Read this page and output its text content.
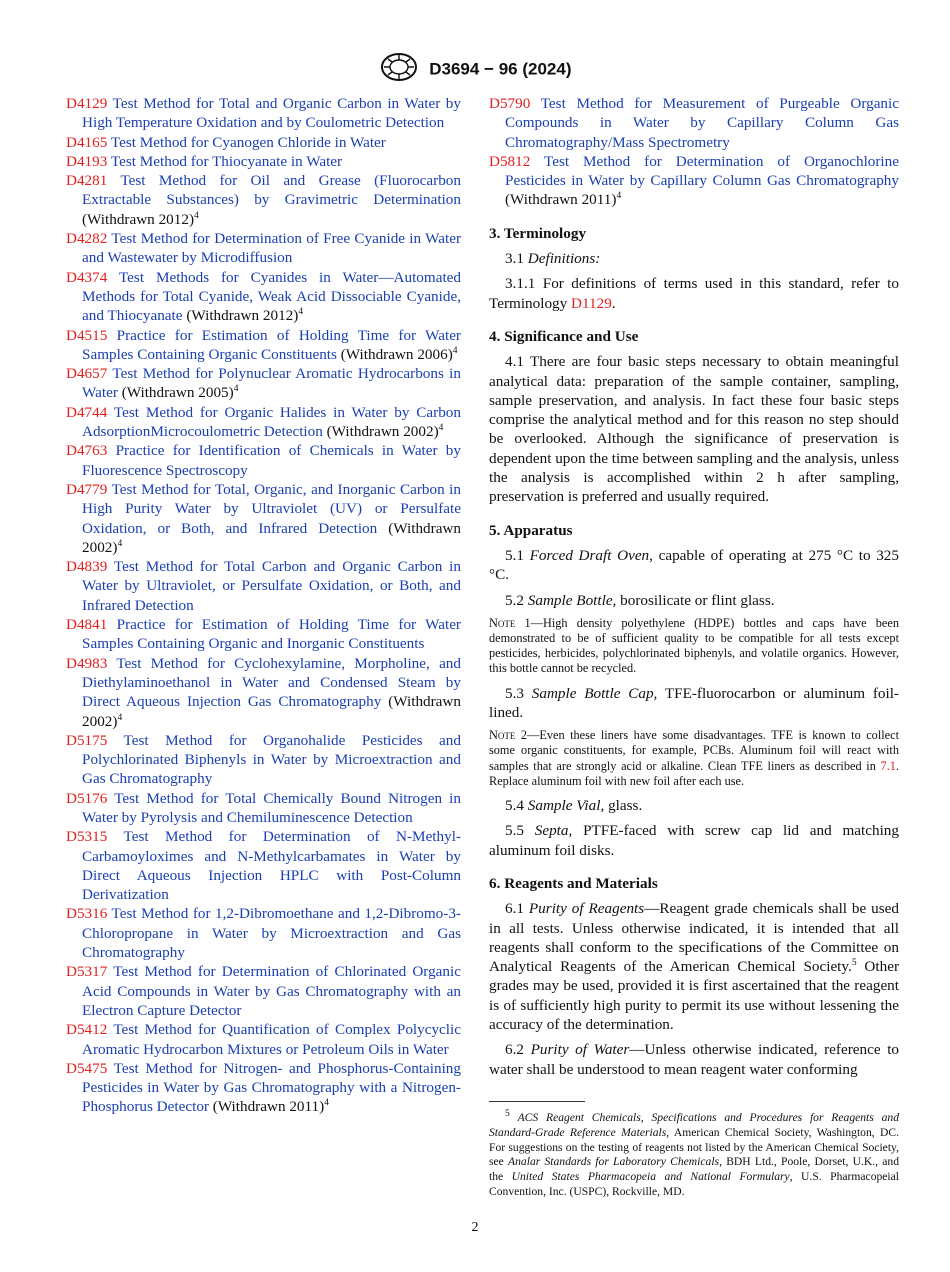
D3694 − 96 (2024)

D4129 Test Method for Total and Organic Carbon in Water by High Temperature Oxidation and by Coulometric Detection

D4165 Test Method for Cyanogen Chloride in Water

D4193 Test Method for Thiocyanate in Water

D4281 Test Method for Oil and Grease (Fluorocarbon Extractable Substances) by Gravimetric Determination (Withdrawn 2012)$^4$

D4282 Test Method for Determination of Free Cyanide in Water and Wastewater by Microdiffusion

D4374 Test Methods for Cyanides in Water—Automated Methods for Total Cyanide, Weak Acid Dissociable Cyanide, and Thiocyanate (Withdrawn 2012)$^4$

D4515 Practice for Estimation of Holding Time for Water Samples Containing Organic Constituents (Withdrawn 2006)$^4$

D4657 Test Method for Polynuclear Aromatic Hydrocarbons in Water (Withdrawn 2005)$^4$

D4744 Test Method for Organic Halides in Water by Carbon AdsorptionMicrocoulometric Detection (Withdrawn 2002)$^4$

D4763 Practice for Identification of Chemicals in Water by Fluorescence Spectroscopy

D4779 Test Method for Total, Organic, and Inorganic Carbon in High Purity Water by Ultraviolet (UV) or Persulfate Oxidation, or Both, and Infrared Detection (Withdrawn 2002)$^4$

D4839 Test Method for Total Carbon and Organic Carbon in Water by Ultraviolet, or Persulfate Oxidation, or Both, and Infrared Detection

D4841 Practice for Estimation of Holding Time for Water Samples Containing Organic and Inorganic Constituents

D4983 Test Method for Cyclohexylamine, Morpholine, and Diethylaminoethanol in Water and Condensed Steam by Direct Aqueous Injection Gas Chromatography (Withdrawn 2002)$^4$

D5175 Test Method for Organohalide Pesticides and Polychlorinated Biphenyls in Water by Microextraction and Gas Chromatography

D5176 Test Method for Total Chemically Bound Nitrogen in Water by Pyrolysis and Chemiluminescence Detection

D5315 Test Method for Determination of N-Methyl-Carbamoyloximes and N-Methylcarbamates in Water by Direct Aqueous Injection HPLC with Post-Column Derivatization

D5316 Test Method for 1,2-Dibromoethane and 1,2-Dibromo-3-Chloropropane in Water by Microextraction and Gas Chromatography

D5317 Test Method for Determination of Chlorinated Organic Acid Compounds in Water by Gas Chromatography with an Electron Capture Detector

D5412 Test Method for Quantification of Complex Polycyclic Aromatic Hydrocarbon Mixtures or Petroleum Oils in Water

D5475 Test Method for Nitrogen- and Phosphorus-Containing Pesticides in Water by Gas Chromatography with a Nitrogen-Phosphorus Detector (Withdrawn 2011)$^4$

D5790 Test Method for Measurement of Purgeable Organic Compounds in Water by Capillary Column Gas Chromatography/Mass Spectrometry

D5812 Test Method for Determination of Organochlorine Pesticides in Water by Capillary Column Gas Chromatography (Withdrawn 2011)$^4$

3. Terminology

3.1 Definitions:

3.1.1 For definitions of terms used in this standard, refer to Terminology D1129.

4. Significance and Use

4.1 There are four basic steps necessary to obtain meaningful analytical data: preparation of the sample container, sampling, sample preservation, and analysis. In fact these four basic steps comprise the analytical method and for this reason no step should be overlooked. Although the significance of preservation is dependent upon the time between sampling and the analysis, unless the analysis is accomplished within 2 h after sampling, preservation is preferred and usually required.

5. Apparatus

5.1 Forced Draft Oven, capable of operating at 275 °C to 325 °C.

5.2 Sample Bottle, borosilicate or flint glass.

Note 1—High density polyethylene (HDPE) bottles and caps have been demonstrated to be of sufficient quality to be compatible for all tests except pesticides, herbicides, polychlorinated biphenyls, and volatile organics. However, this bottle cannot be recycled.

5.3 Sample Bottle Cap, TFE-fluorocarbon or aluminum foil-lined.

Note 2—Even these liners have some disadvantages. TFE is known to collect some organic constituents, for example, PCBs. Aluminum foil will react with samples that are strongly acid or alkaline. Clean TFE liners as described in 7.1. Replace aluminum foil with new foil after each use.

5.4 Sample Vial, glass.

5.5 Septa, PTFE-faced with screw cap lid and matching aluminum foil disks.

6. Reagents and Materials

6.1 Purity of Reagents—Reagent grade chemicals shall be used in all tests. Unless otherwise indicated, it is intended that all reagents shall conform to the specifications of the Committee on Analytical Reagents of the American Chemical Society.$^5$ Other grades may be used, provided it is first ascertained that the reagent is of sufficiently high purity to permit its use without lessening the accuracy of the determination.

6.2 Purity of Water—Unless otherwise indicated, reference to water shall be understood to mean reagent water conforming

$^5$ ACS Reagent Chemicals, Specifications and Procedures for Reagents and Standard-Grade Reference Materials, American Chemical Society, Washington, DC. For suggestions on the testing of reagents not listed by the American Chemical Society, see Analar Standards for Laboratory Chemicals, BDH Ltd., Poole, Dorset, U.K., and the United States Pharmacopeia and National Formulary, U.S. Pharmacopeial Convention, Inc. (USPC), Rockville, MD.

2
